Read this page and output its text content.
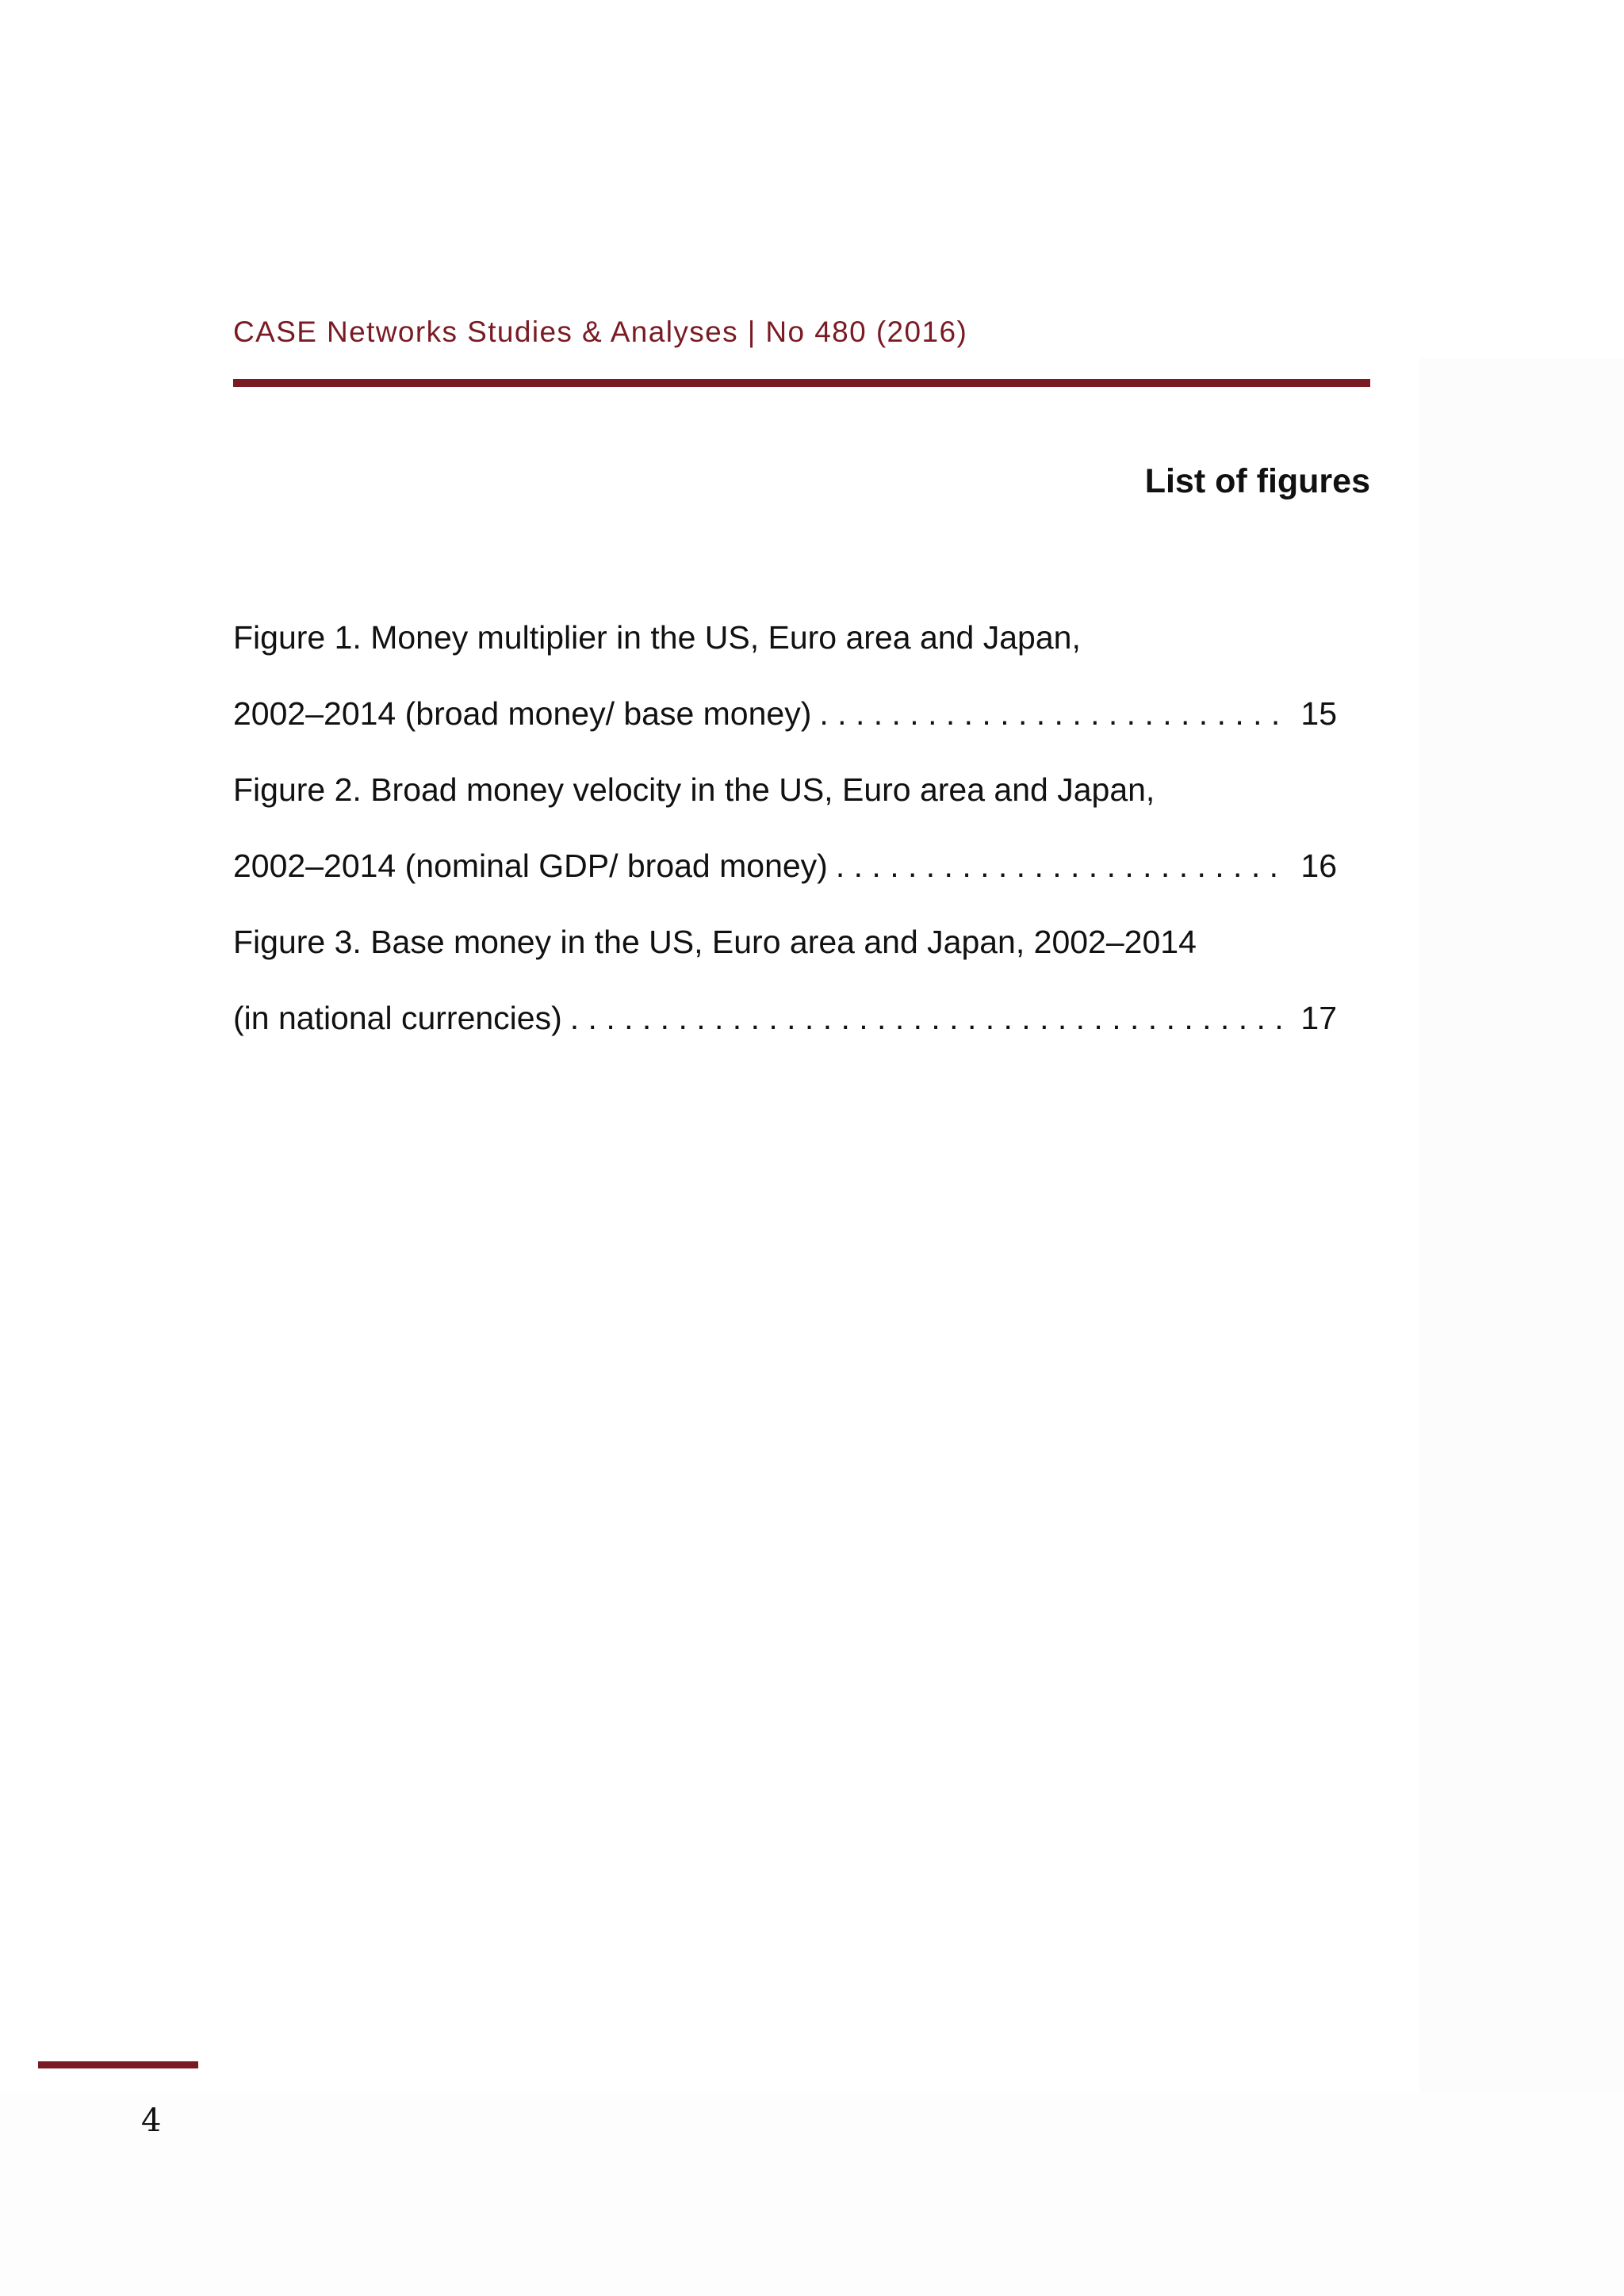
CASE Networks Studies & Analyses | No 480 (2016)
List of figures
Figure 1. Money multiplier in the US, Euro area and Japan,
2002–2014 (broad money/ base money) . . .	15
Figure 2. Broad money velocity in the US, Euro area and Japan,
2002–2014 (nominal GDP/ broad money) . . .	16
Figure 3. Base money in the US, Euro area and Japan, 2002–2014
(in national currencies) . . .	17
4
